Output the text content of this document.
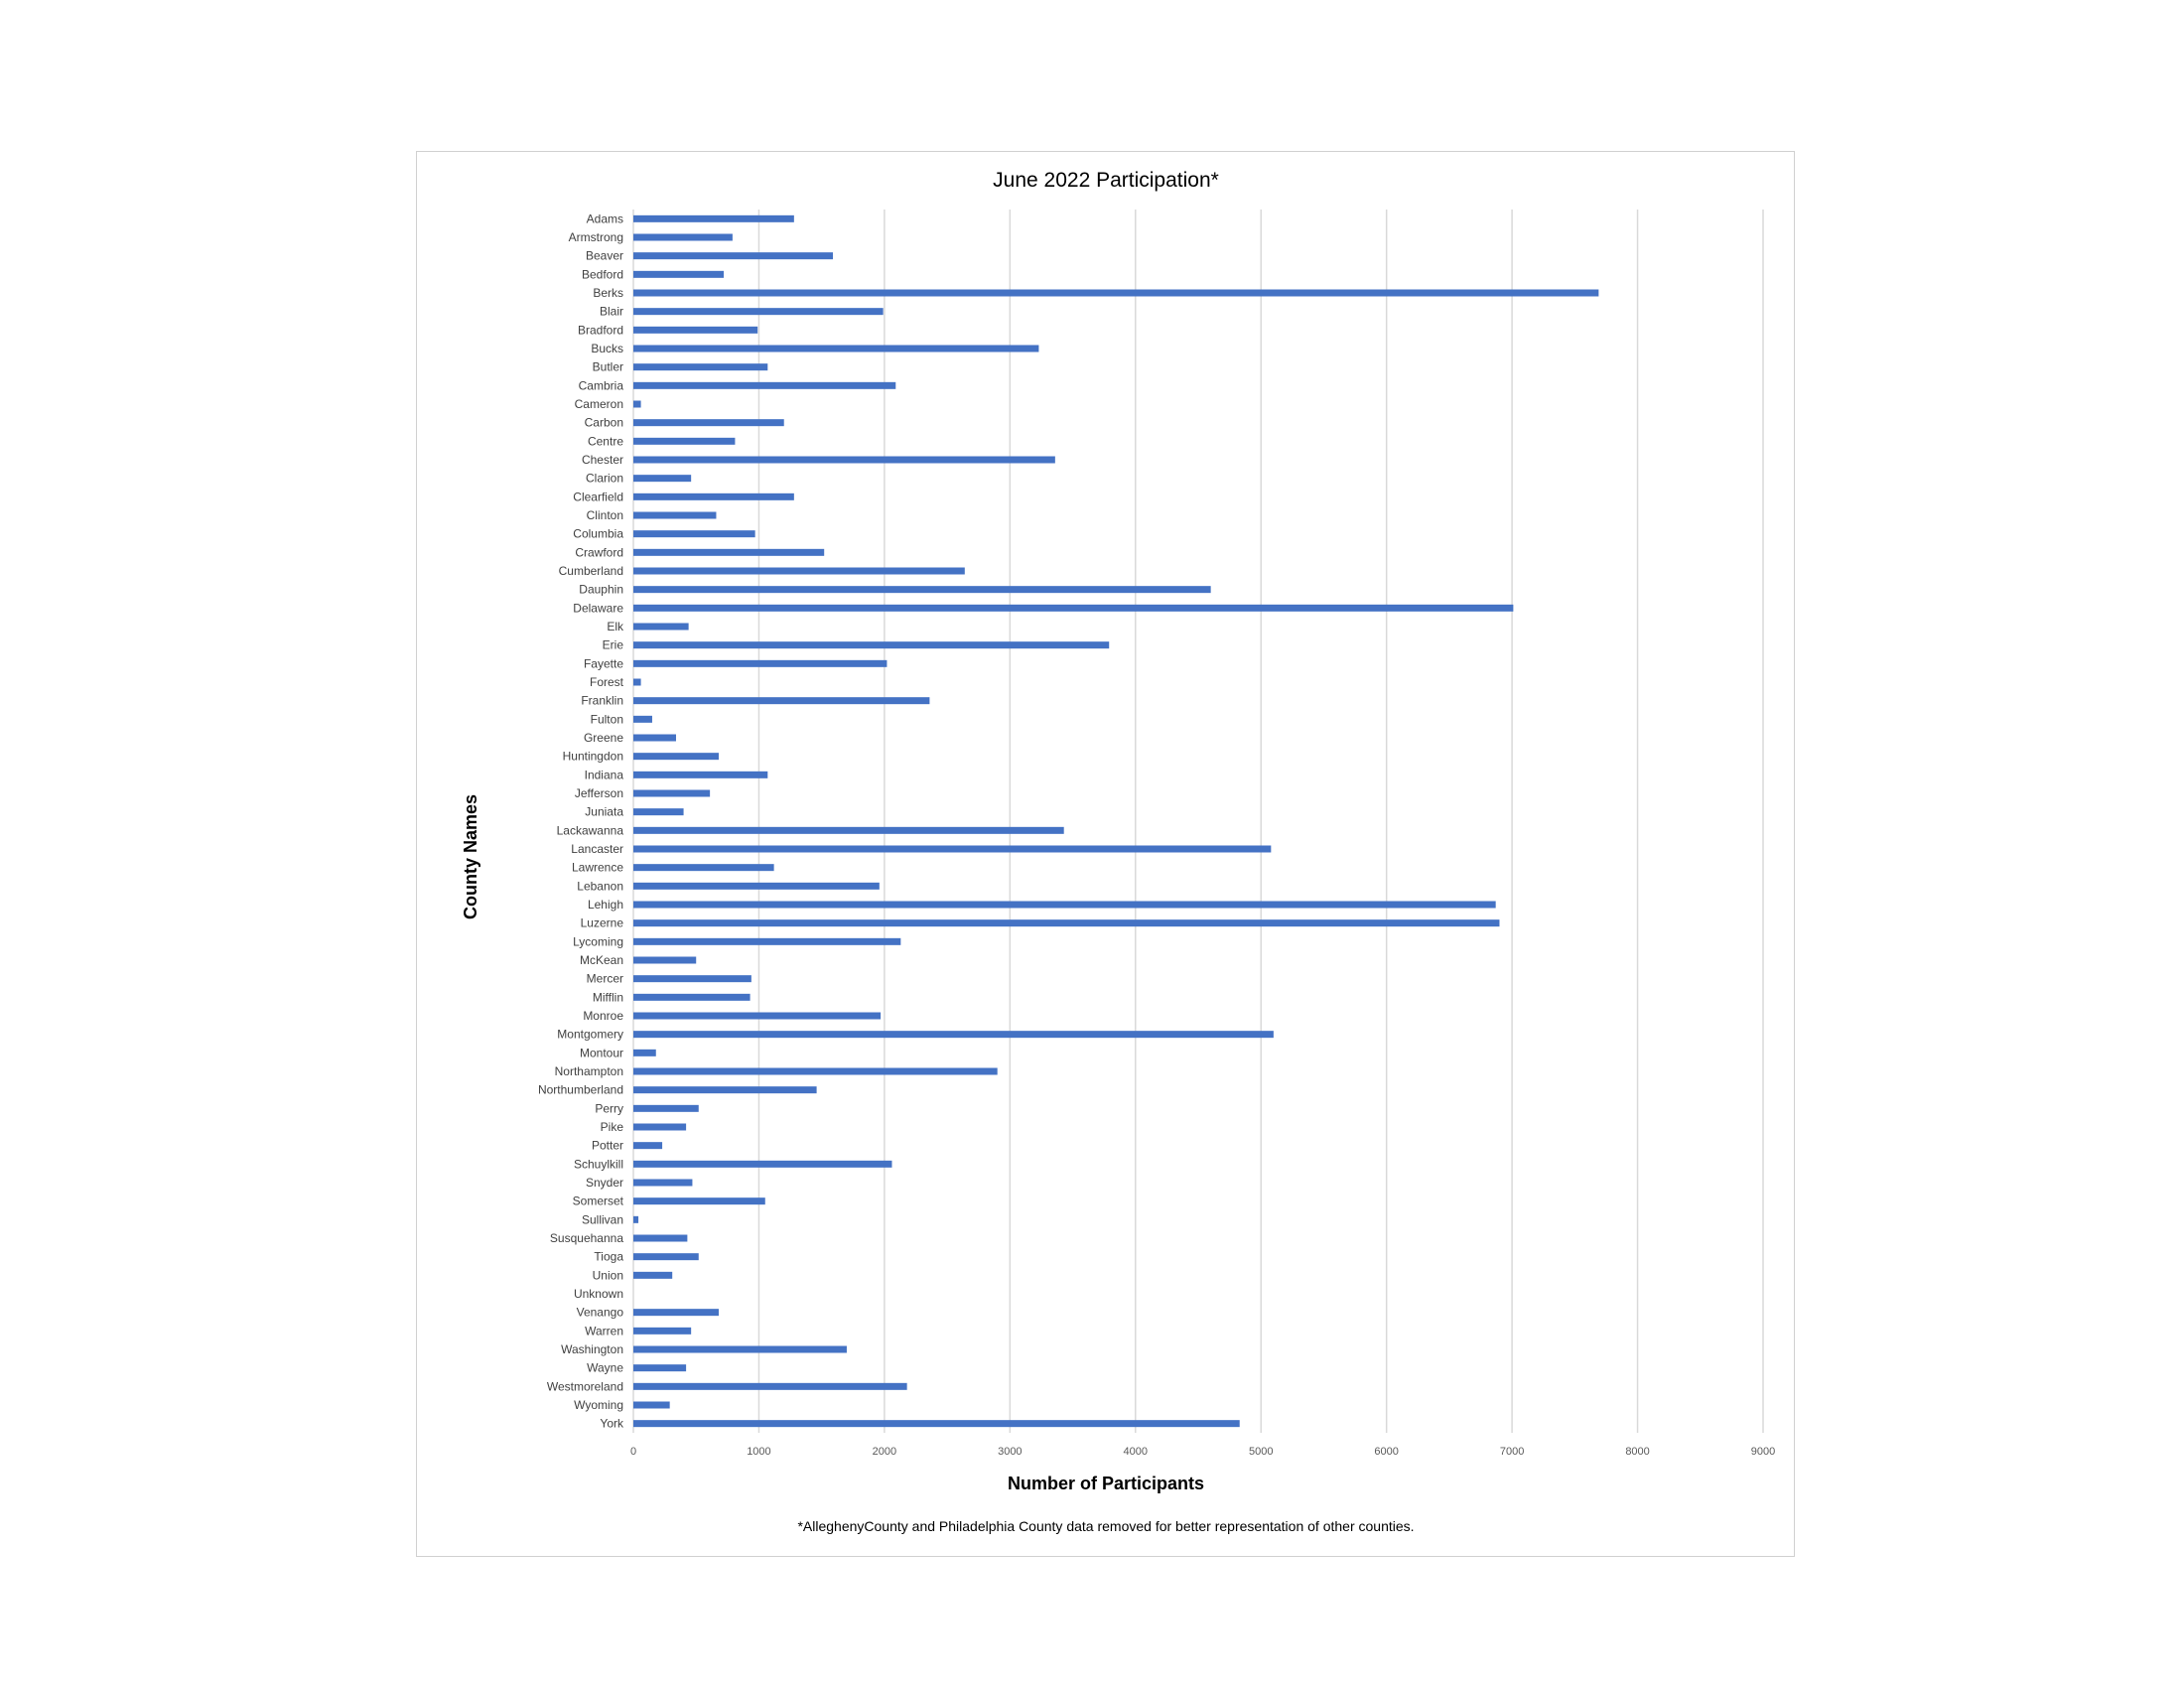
June 2022 Participation*
Adams
Armstrong
Beaver
Bedford
Berks
Blair
Bradford
Bucks
Butler
Cambria
Cameron
Carbon
Centre
Chester
Clarion
Clearfield
Clinton
Columbia
Crawford
Cumberland
Dauphin
Delaware
Elk
Erie
Fayette
Forest
Franklin
Fulton
Greene
Huntingdon
Indiana
Jefferson
Juniata
Lackawanna
Lancaster
Lawrence
Lebanon
Lehigh
Luzerne
Lycoming
McKean
Mercer
Mifflin
Monroe
Montgomery
Montour
Northampton
Northumberland
Perry
Pike
Potter
Schuylkill
Snyder
Somerset
Sullivan
Susquehanna
Tioga
Union
Unknown
Venango
Warren
Washington
Wayne
Westmoreland
Wyoming
York
0	1000	2000	3000	4000	5000	6000	7000	8000	9000
Number of Participants
County Names
*AlleghenyCounty and Philadelphia County data removed for better representation of other counties.
